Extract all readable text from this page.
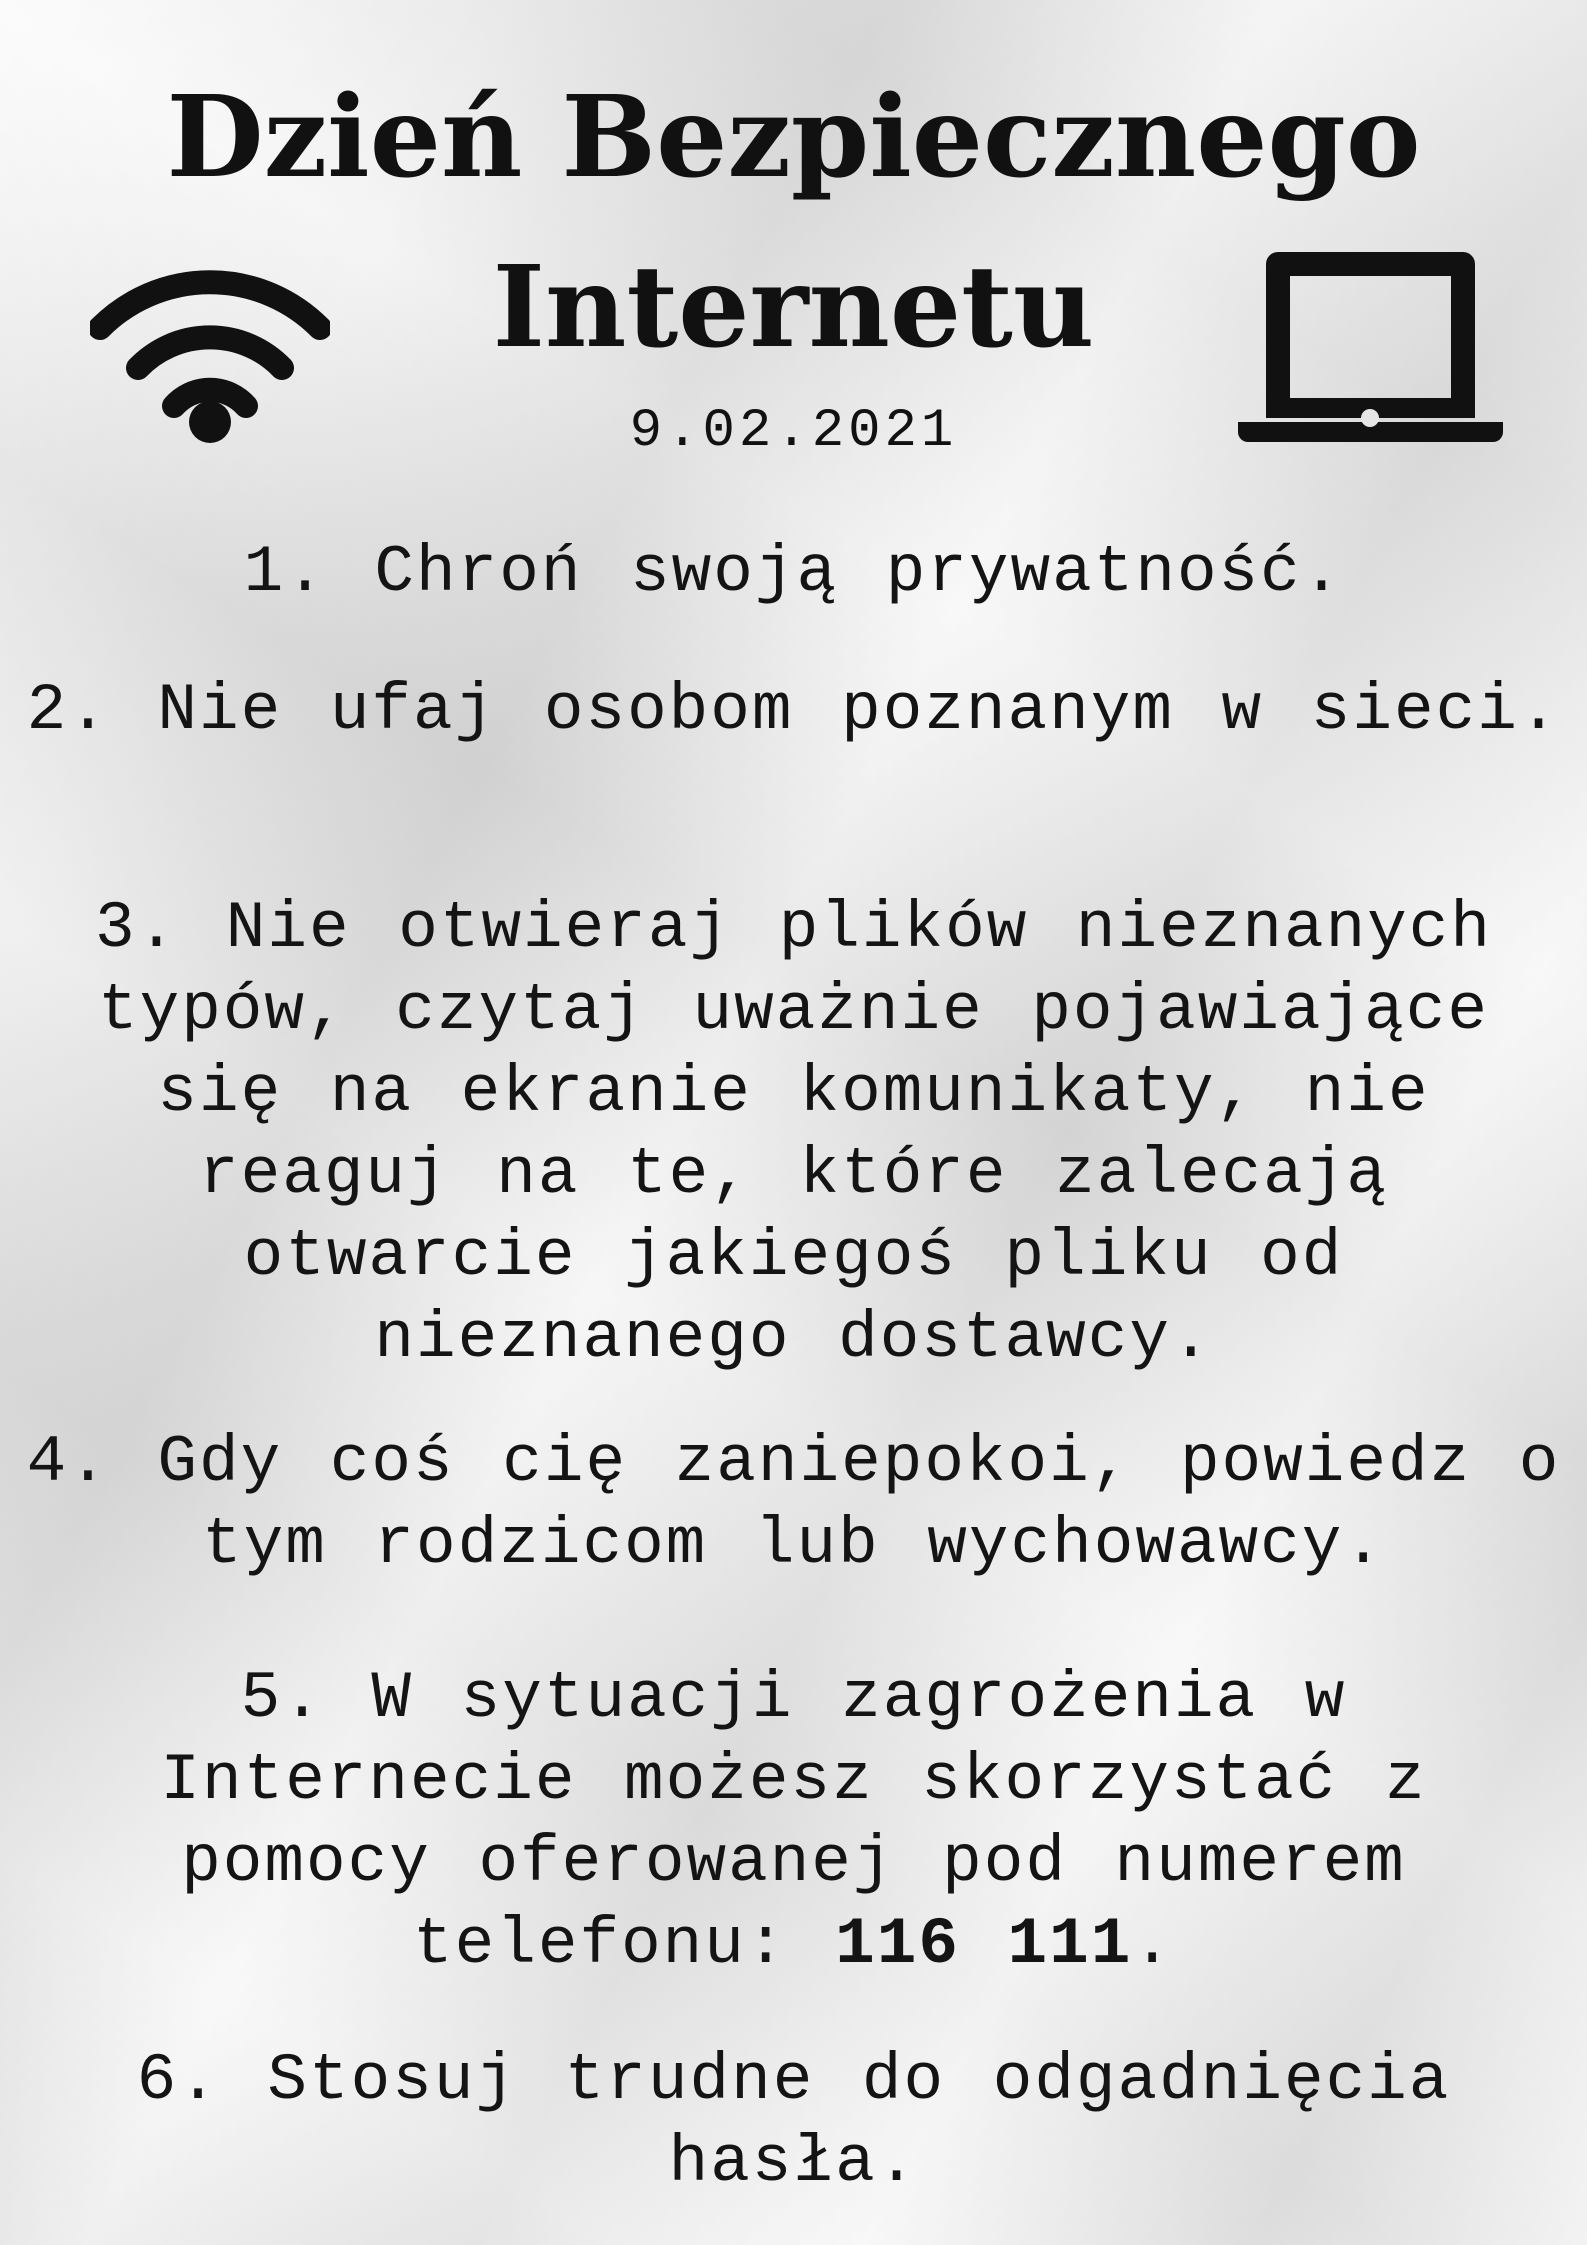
Dzień Bezpiecznego
Internetu
9.02.2021
1. Chroń swoją prywatność.
2. Nie ufaj osobom poznanym w sieci.
3. Nie otwieraj plików nieznanych typów, czytaj uważnie pojawiające się na ekranie komunikaty, nie reaguj na te, które zalecają otwarcie jakiegoś pliku od nieznanego dostawcy.
4. Gdy coś cię zaniepokoi, powiedz o tym rodzicom lub wychowawcy.
5. W sytuacji zagrożenia w Internecie możesz skorzystać z pomocy oferowanej pod numerem telefonu: 116 111.
6. Stosuj trudne do odgadnięcia hasła.
